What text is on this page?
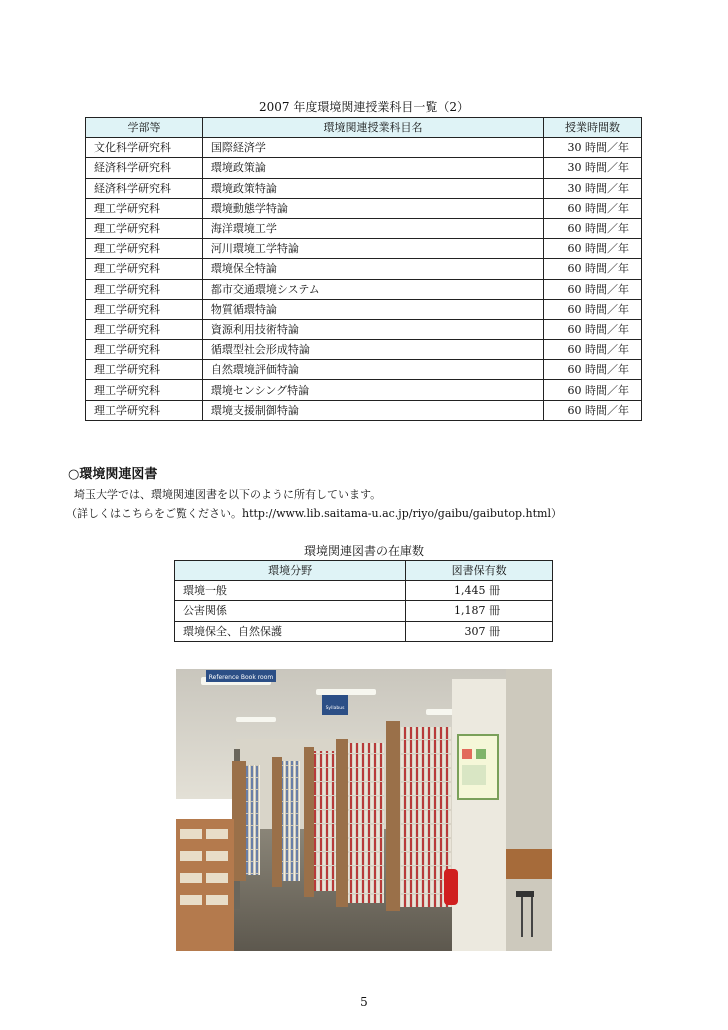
2007 年度環境関連授業科目一覧（2）
学部等	環境関連授業科目名	授業時間数
文化科学研究科	国際経済学	30 時間／年
経済科学研究科	環境政策論	30 時間／年
経済科学研究科	環境政策特論	30 時間／年
理工学研究科	環境動態学特論	60 時間／年
理工学研究科	海洋環境工学	60 時間／年
理工学研究科	河川環境工学特論	60 時間／年
理工学研究科	環境保全特論	60 時間／年
理工学研究科	都市交通環境システム	60 時間／年
理工学研究科	物質循環特論	60 時間／年
理工学研究科	資源利用技術特論	60 時間／年
理工学研究科	循環型社会形成特論	60 時間／年
理工学研究科	自然環境評価特論	60 時間／年
理工学研究科	環境センシング特論	60 時間／年
理工学研究科	環境支援制御特論	60 時間／年
○環境関連図書
埼玉大学では、環境関連図書を以下のように所有しています。
（詳しくはこちらをご覧ください。http://www.lib.saitama-u.ac.jp/riyo/gaibu/gaibutop.html）
環境関連図書の在庫数
環境分野	図書保有数
環境一般	1,445 冊
公害関係	1,187 冊
環境保全、自然保護	307 冊
Reference Book room
Syllabus
5
